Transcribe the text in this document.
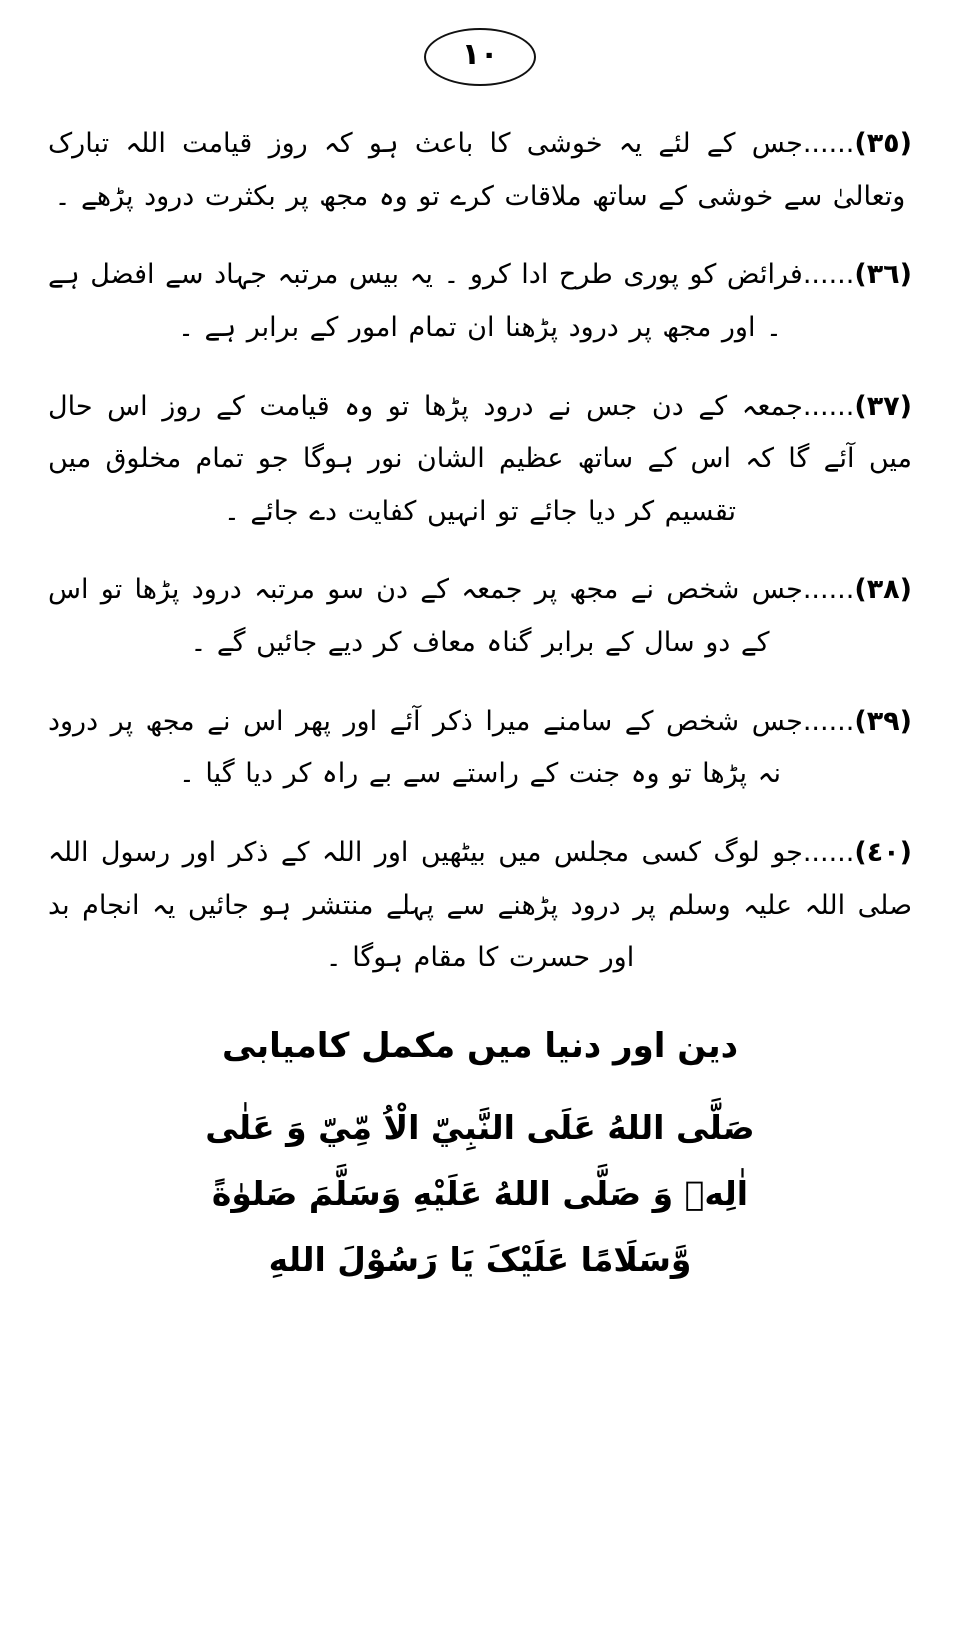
١٠

(٣٥)......جس کے لئے یہ خوشی کا باعث ہو کہ روز قیامت اللہ تبارک وتعالیٰ سے خوشی کے ساتھ ملاقات کرے تو وہ مجھ پر بکثرت درود پڑھے ۔

(٣٦)......فرائض کو پوری طرح ادا کرو ۔ یہ بیس مرتبہ جہاد سے افضل ہے ۔ اور مجھ پر درود پڑھنا ان تمام امور کے برابر ہے ۔

(٣٧)......جمعہ کے دن جس نے درود پڑھا تو وہ قیامت کے روز اس حال میں آئے گا کہ اس کے ساتھ عظیم الشان نور ہوگا جو تمام مخلوق میں تقسیم کر دیا جائے تو انہیں کفایت دے جائے ۔

(٣٨)......جس شخص نے مجھ پر جمعہ کے دن سو مرتبہ درود پڑھا تو اس کے دو سال کے برابر گناہ معاف کر دیے جائیں گے ۔

(٣٩)......جس شخص کے سامنے میرا ذکر آئے اور پھر اس نے مجھ پر درود نہ پڑھا تو وہ جنت کے راستے سے بے راہ کر دیا گیا ۔

(٤٠)......جو لوگ کسی مجلس میں بیٹھیں اور اللہ کے ذکر اور رسول اللہ صلی اللہ علیہ وسلم پر درود پڑھنے سے پہلے منتشر ہو جائیں یہ انجام بد اور حسرت کا مقام ہوگا ۔

دین اور دنیا میں مکمل کامیابی
صَلَّى اللهُ عَلَى النَّبِيّ الْاُ مِّيّ وَ عَلٰى
اٰلِهٖ وَ صَلَّى اللهُ عَلَيْهِ وَسَلَّمَ صَلوٰةً
وَّسَلَامًا عَلَيْکَ يَا رَسُوْلَ اللهِ
